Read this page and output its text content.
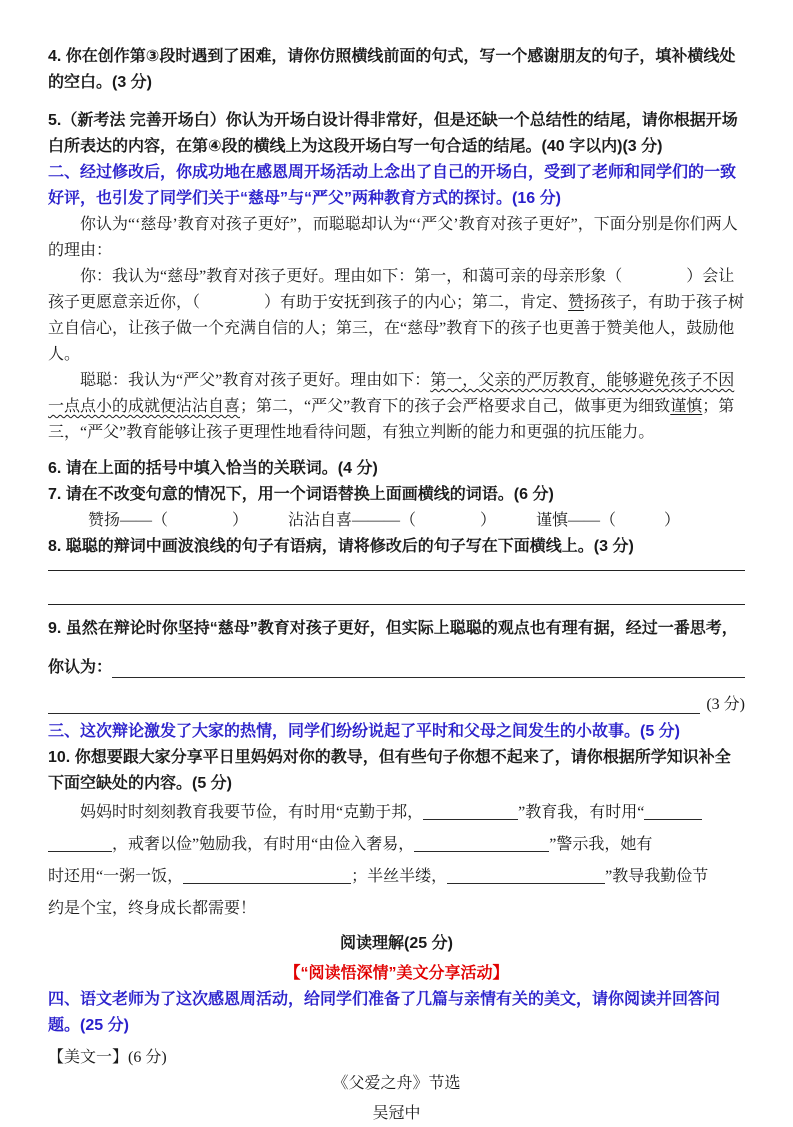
4. 你在创作第③段时遇到了困难，请你仿照横线前面的句式，写一个感谢朋友的句子，填补横线处的空白。(3 分)

5.（新考法 完善开场白）你认为开场白设计得非常好，但是还缺一个总结性的结尾，请你根据开场白所表达的内容，在第④段的横线上为这段开场白写一句合适的结尾。(40 字以内)(3 分)

二、经过修改后，你成功地在感恩周开场活动上念出了自己的开场白，受到了老师和同学们的一致好评，也引发了同学们关于“慈母”与“严父”两种教育方式的探讨。(16 分)

你认为“‘慈母’教育对孩子更好”，而聪聪却认为“‘严父’教育对孩子更好”，下面分别是你们两人的理由：

你：我认为“慈母”教育对孩子更好。理由如下：第一，和蔼可亲的母亲形象（　　　　）会让孩子更愿意亲近你，（　　　　）有助于安抚到孩子的内心；第二，肯定、赞扬孩子，有助于孩子树立自信心，让孩子做一个充满自信的人；第三，在“慈母”教育下的孩子也更善于赞美他人，鼓励他人。

聪聪：我认为“严父”教育对孩子更好。理由如下：第一，父亲的严厉教育，能够避免孩子不因一点点小的成就便沾沾自喜；第二，“严父”教育下的孩子会严格要求自己，做事更为细致谨慎；第三，“严父”教育能够让孩子更理性地看待问题，有独立判断的能力和更强的抗压能力。

6. 请在上面的括号中填入恰当的关联词。(4 分)

7. 请在不改变句意的情况下，用一个词语替换上面画横线的词语。(6 分)

赞扬——（　　　　）	沾沾自喜———（　　　　）	谨慎——（　　　）

8. 聪聪的辩词中画波浪线的句子有语病，请将修改后的句子写在下面横线上。(3 分)

9. 虽然在辩论时你坚持“慈母”教育对孩子更好，但实际上聪聪的观点也有理有据，经过一番思考，

你认为：
(3 分)

三、这次辩论激发了大家的热情，同学们纷纷说起了平时和父母之间发生的小故事。(5 分)

10. 你想要跟大家分享平日里妈妈对你的教导，但有些句子你想不起来了，请你根据所学知识补全下面空缺处的内容。(5 分)

妈妈时时刻刻教育我要节俭，有时用“克勤于邦，	”教育我，有时用“
，戒奢以俭”勉励我，有时用“由俭入奢易，	”警示我，她有
时还用“一粥一饭，	；半丝半缕，	”教导我勤俭节
约是个宝，终身成长都需要！

阅读理解(25 分)

【“阅读悟深情”美文分享活动】

四、语文老师为了这次感恩周活动，给同学们准备了几篇与亲情有关的美文，请你阅读并回答问题。(25 分)

【美文一】(6 分)

《父爱之舟》节选

吴冠中
